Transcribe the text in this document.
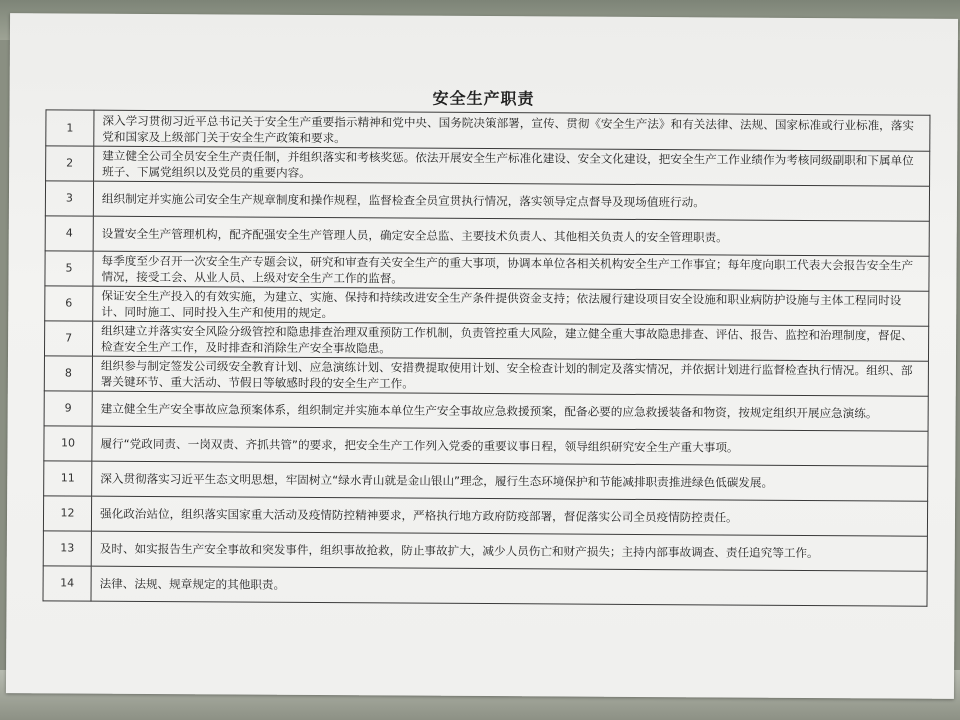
安全生产职责
1	深入学习贯彻习近平总书记关于安全生产重要指示精神和党中央、国务院决策部署，宣传、贯彻《安全生产法》和有关法律、法规、国家标准或行业标准，落实党和国家及上级部门关于安全生产政策和要求。
2	建立健全公司全员安全生产责任制，并组织落实和考核奖惩。依法开展安全生产标准化建设、安全文化建设，把安全生产工作业绩作为考核同级副职和下属单位班子、下属党组织以及党员的重要内容。
3	组织制定并实施公司安全生产规章制度和操作规程，监督检查全员宣贯执行情况，落实领导定点督导及现场值班行动。
4	设置安全生产管理机构，配齐配强安全生产管理人员，确定安全总监、主要技术负责人、其他相关负责人的安全管理职责。
5	每季度至少召开一次安全生产专题会议，研究和审查有关安全生产的重大事项，协调本单位各相关机构安全生产工作事宜；每年度向职工代表大会报告安全生产情况，接受工会、从业人员、上级对安全生产工作的监督。
6	保证安全生产投入的有效实施，为建立、实施、保持和持续改进安全生产条件提供资金支持；依法履行建设项目安全设施和职业病防护设施与主体工程同时设计、同时施工、同时投入生产和使用的规定。
7	组织建立并落实安全风险分级管控和隐患排查治理双重预防工作机制，负责管控重大风险，建立健全重大事故隐患排查、评估、报告、监控和治理制度，督促、检查安全生产工作，及时排查和消除生产安全事故隐患。
8	组织参与制定签发公司级安全教育计划、应急演练计划、安措费提取使用计划、安全检查计划的制定及落实情况，并依据计划进行监督检查执行情况。组织、部署关键环节、重大活动、节假日等敏感时段的安全生产工作。
9	建立健全生产安全事故应急预案体系，组织制定并实施本单位生产安全事故应急救援预案，配备必要的应急救援装备和物资，按规定组织开展应急演练。
10	履行“党政同责、一岗双责、齐抓共管”的要求，把安全生产工作列入党委的重要议事日程，领导组织研究安全生产重大事项。
11	深入贯彻落实习近平生态文明思想，牢固树立“绿水青山就是金山银山”理念，履行生态环境保护和节能减排职责推进绿色低碳发展。
12	强化政治站位，组织落实国家重大活动及疫情防控精神要求，严格执行地方政府防疫部署，督促落实公司全员疫情防控责任。
13	及时、如实报告生产安全事故和突发事件，组织事故抢救，防止事故扩大，减少人员伤亡和财产损失；主持内部事故调查、责任追究等工作。
14	法律、法规、规章规定的其他职责。
